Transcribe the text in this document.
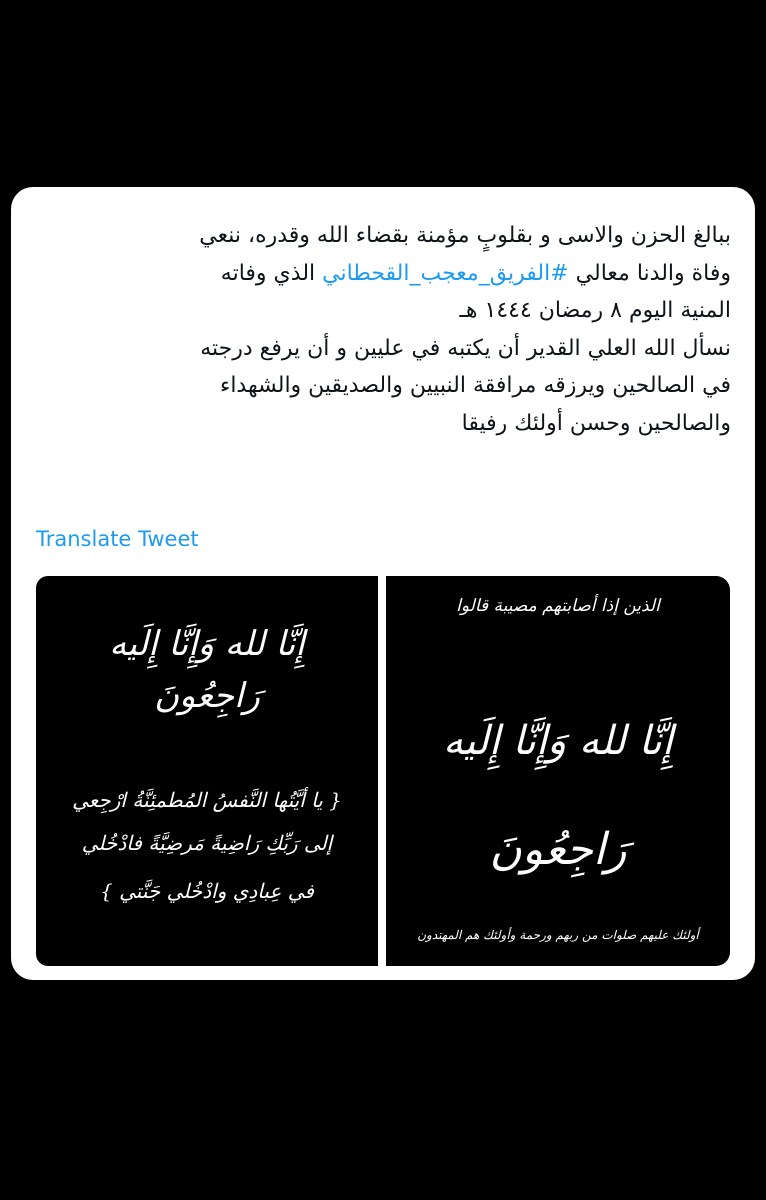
ببالغ الحزن والاسى و بقلوبٍ مؤمنة بقضاء الله وقدره، ننعي
وفاة والدنا معالي #الفريق_معجب_القحطاني الذي وفاته
المنية اليوم ٨ رمضان ١٤٤٤ هـ
نسأل الله العلي القدير أن يكتبه في عليين و أن يرفع درجته
في الصالحين ويرزقه مرافقة النبيين والصديقين والشهداء
والصالحين وحسن أولئك رفيقا
Translate Tweet
إِنَّا لله وَإِنَّا إِلَيه
رَاجِعُونَ
{ يا أيَّتُها النَّفسُ المُطمئِنَّةُ ارْجِعي
إلى رَبِّكِ رَاضِيةً مَرضِيَّةً فادْخُلي
في عِبادِي وادْخُلي جَنَّتي }
الذين إذا أصابتهم مصيبة قالوا
إِنَّا لله وَإِنَّا إِلَيه
رَاجِعُونَ
أولئك عليهم صلوات من ربهم ورحمة وأولئك هم المهتدون
